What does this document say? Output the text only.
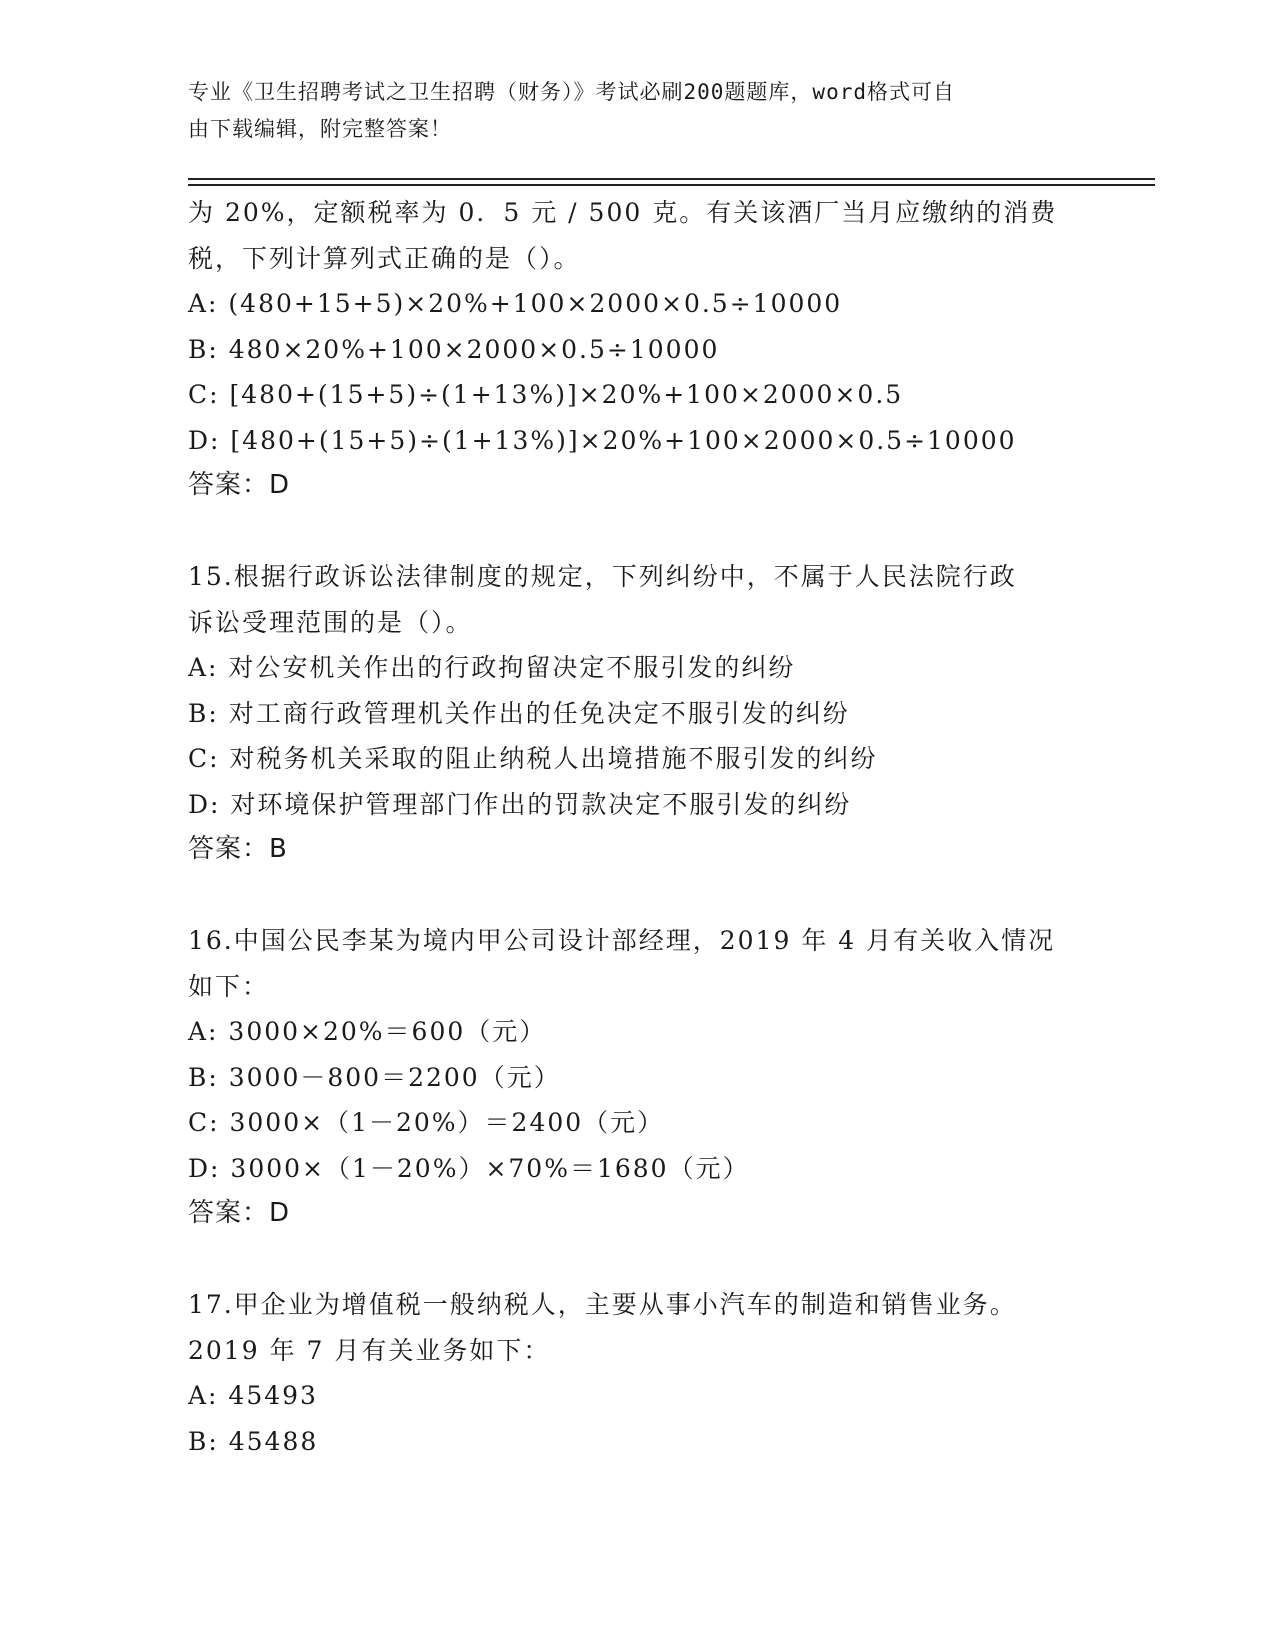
专业《卫生招聘考试之卫生招聘（财务）》考试必刷200题题库，word格式可自
由下载编辑，附完整答案！
为 20%，定额税率为 0．5 元 / 500 克。有关该酒厂当月应缴纳的消费
税，下列计算列式正确的是（）。
A: (480+15+5)×20%+100×2000×0.5÷10000
B: 480×20%+100×2000×0.5÷10000
C: [480+(15+5)÷(1+13%)]×20%+100×2000×0.5
D: [480+(15+5)÷(1+13%)]×20%+100×2000×0.5÷10000
答案：D
15.根据行政诉讼法律制度的规定，下列纠纷中，不属于人民法院行政
诉讼受理范围的是（）。
A: 对公安机关作出的行政拘留决定不服引发的纠纷
B: 对工商行政管理机关作出的任免决定不服引发的纠纷
C: 对税务机关采取的阻止纳税人出境措施不服引发的纠纷
D: 对环境保护管理部门作出的罚款决定不服引发的纠纷
答案：B
16.中国公民李某为境内甲公司设计部经理，2019 年 4 月有关收入情况
如下：
A: 3000×20%＝600（元）
B: 3000－800＝2200（元）
C: 3000×（1－20%）＝2400（元）
D: 3000×（1－20%）×70%＝1680（元）
答案：D
17.甲企业为增值税一般纳税人，主要从事小汽车的制造和销售业务。
2019 年 7 月有关业务如下：
A: 45493
B: 45488
